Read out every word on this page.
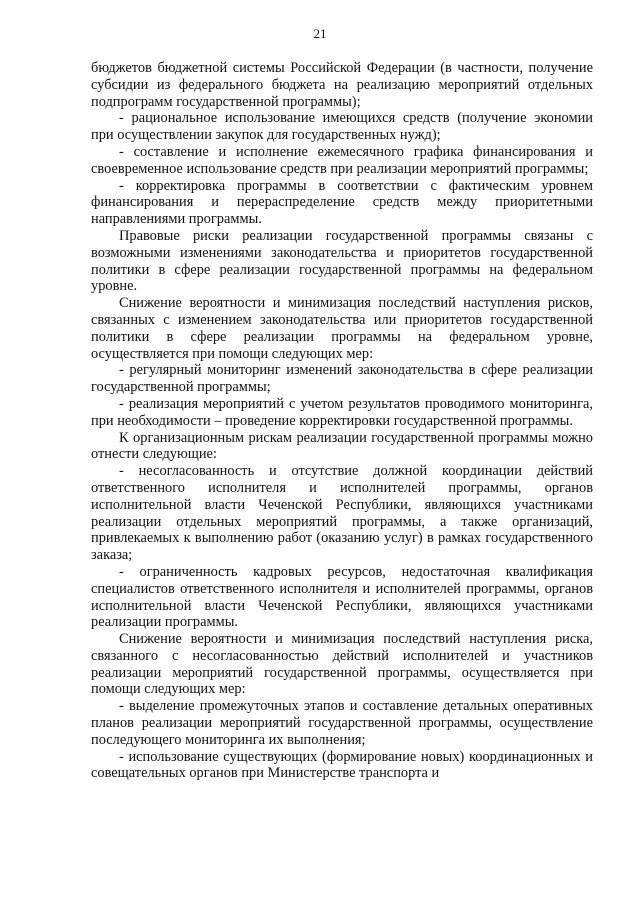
21

бюджетов бюджетной системы Российской Федерации (в частности, получение субсидии из федерального бюджета на реализацию мероприятий отдельных подпрограмм государственной программы);

- рациональное использование имеющихся средств (получение экономии при осуществлении закупок для государственных нужд);

- составление и исполнение ежемесячного графика финансирования и своевременное использование средств при реализации мероприятий программы;

- корректировка программы в соответствии с фактическим уровнем финансирования и перераспределение средств между приоритетными направлениями программы.

Правовые риски реализации государственной программы связаны с возможными изменениями законодательства и приоритетов государственной политики в сфере реализации государственной программы на федеральном уровне.

Снижение вероятности и минимизация последствий наступления рисков, связанных с изменением законодательства или приоритетов государственной политики в сфере реализации программы на федеральном уровне, осуществляется при помощи следующих мер:

- регулярный мониторинг изменений законодательства в сфере реализации государственной программы;

- реализация мероприятий с учетом результатов проводимого мониторинга, при необходимости – проведение корректировки государственной программы.

К организационным рискам реализации государственной программы можно отнести следующие:

- несогласованность и отсутствие должной координации действий ответственного исполнителя и исполнителей программы, органов исполнительной власти Чеченской Республики, являющихся участниками реализации отдельных мероприятий программы, а также организаций, привлекаемых к выполнению работ (оказанию услуг) в рамках государственного заказа;

- ограниченность кадровых ресурсов, недостаточная квалификация специалистов ответственного исполнителя и исполнителей программы, органов исполнительной власти Чеченской Республики, являющихся участниками реализации программы.

Снижение вероятности и минимизация последствий наступления риска, связанного с несогласованностью действий исполнителей и участников реализации мероприятий государственной программы, осуществляется при помощи следующих мер:

- выделение промежуточных этапов и составление детальных оперативных планов реализации мероприятий государственной программы, осуществление последующего мониторинга их выполнения;

- использование существующих (формирование новых) координационных и совещательных органов при Министерстве транспорта и
